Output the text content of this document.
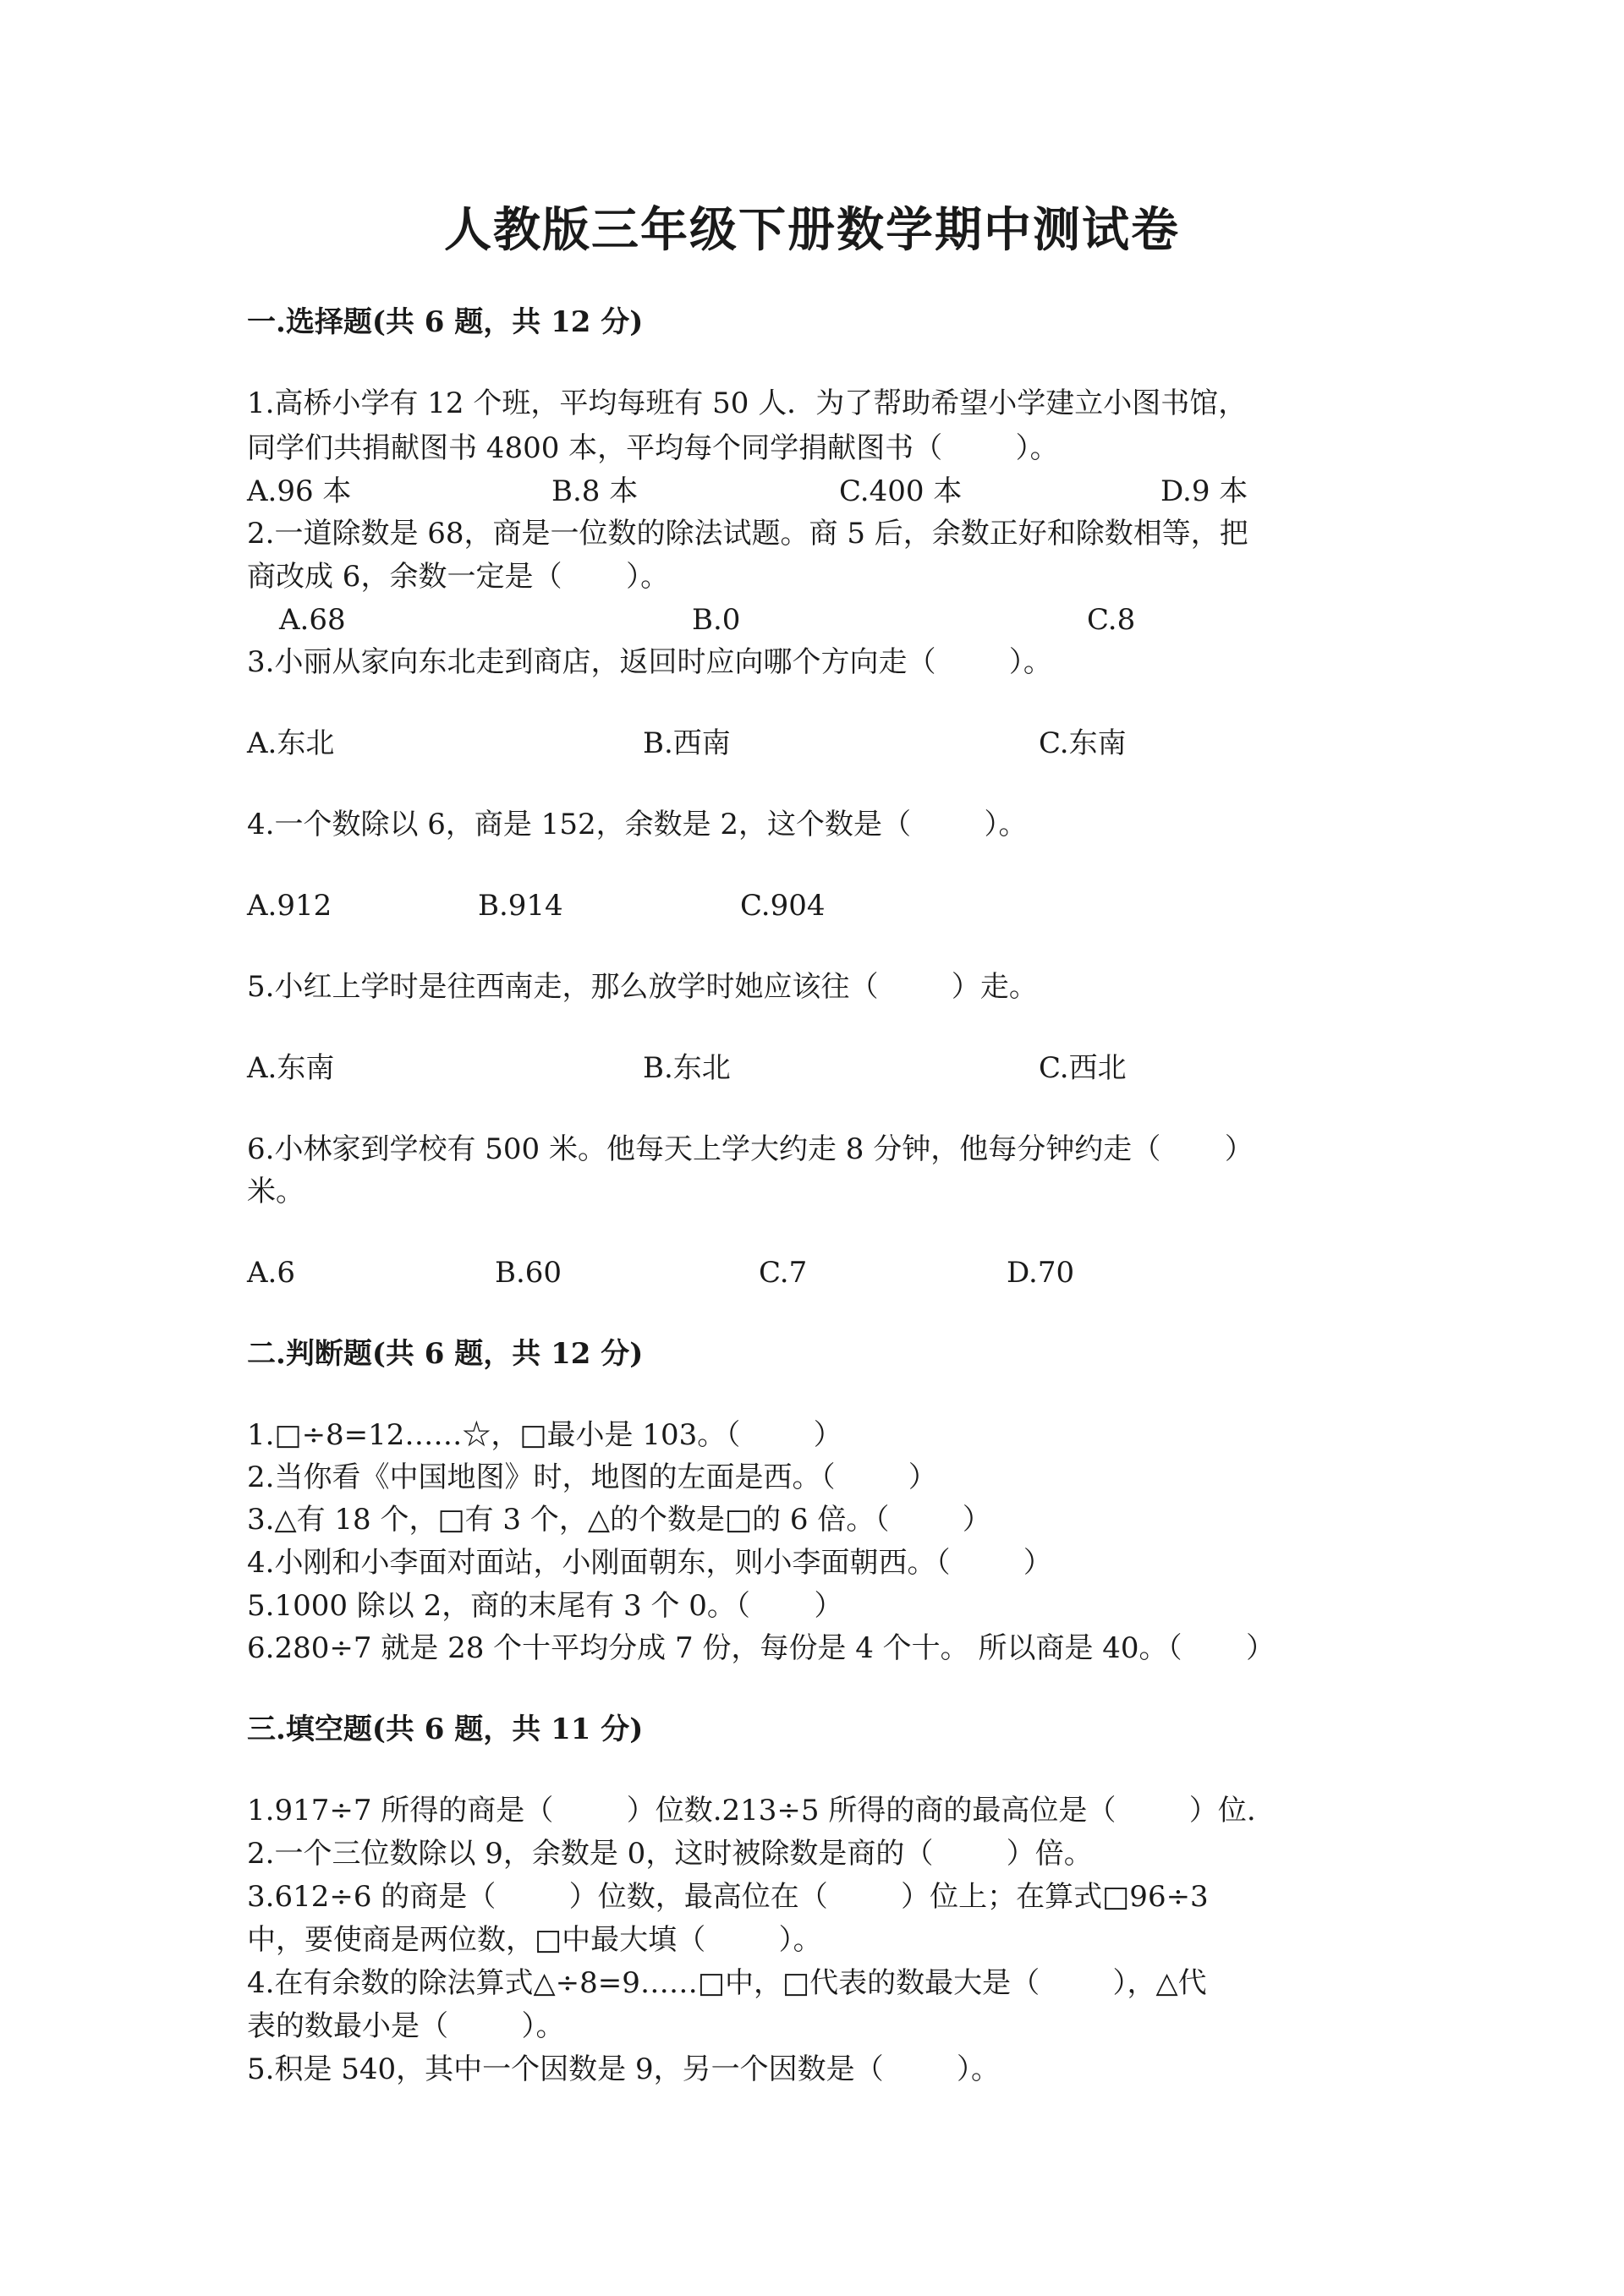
人教版三年级下册数学期中测试卷
一.选择题(共 6 题，共 12 分)
1.高桥小学有 12 个班，平均每班有 50 人．为了帮助希望小学建立小图书馆，
同学们共捐献图书 4800 本，平均每个同学捐献图书（        ）。
A.96 本	B.8 本	C.400 本	D.9 本
2.一道除数是 68，商是一位数的除法试题。商 5 后，余数正好和除数相等，把
商改成 6，余数一定是（       ）。
A.68	B.0	C.8
3.小丽从家向东北走到商店，返回时应向哪个方向走（        ）。
A.东北	B.西南	C.东南
4.一个数除以 6，商是 152，余数是 2，这个数是（        ）。
A.912	B.914	C.904
5.小红上学时是往西南走，那么放学时她应该往（        ）走。
A.东南	B.东北	C.西北
6.小林家到学校有 500 米。他每天上学大约走 8 分钟，他每分钟约走（       ）
米。
A.6	B.60	C.7	D.70
二.判断题(共 6 题，共 12 分)
1.□÷8=12……☆，□最小是 103。（        ）
2.当你看《中国地图》时，地图的左面是西。（        ）
3.△有 18 个，□有 3 个，△的个数是□的 6 倍。（        ）
4.小刚和小李面对面站，小刚面朝东，则小李面朝西。（        ）
5.1000 除以 2，商的末尾有 3 个 0。（       ）
6.280÷7 就是 28 个十平均分成 7 份，每份是 4 个十。 所以商是 40。（       ）
三.填空题(共 6 题，共 11 分)
1.917÷7 所得的商是（        ）位数.213÷5 所得的商的最高位是（        ）位.
2.一个三位数除以 9，余数是 0，这时被除数是商的（        ）倍。
3.612÷6 的商是（        ）位数，最高位在（        ）位上；在算式□96÷3
中，要使商是两位数，□中最大填（        ）。
4.在有余数的除法算式△÷8=9……□中，□代表的数最大是（        ），△代
表的数最小是（        ）。
5.积是 540，其中一个因数是 9，另一个因数是（        ）。
